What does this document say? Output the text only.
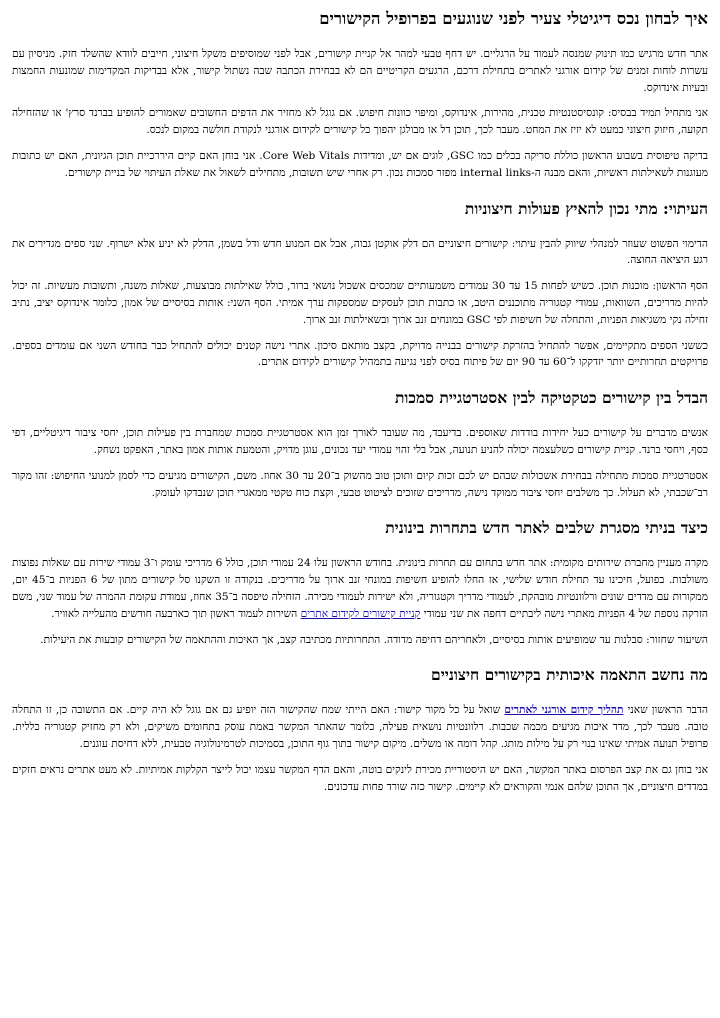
איך לבחון נכס דיגיטלי צעיר לפני שנוגעים בפרופיל הקישורים

אתר חדש מרגיש כמו תינוק שמנסה לעמוד על הרגליים. יש דחף טבעי למהר אל קניית קישורים, אבל לפני שמוסיפים משקל חיצוני, חייבים לוודא שהשלד חזק. מניסיון עם עשרות לוחות זמנים של קידום אורגני לאתרים בתחילת דרכם, הרגעים הקריטיים הם לא בבחירת הכתבה שבה נשתול קישור, אלא בבדיקות המקדימות שמונעות החמצות ובעיות אינדוקס.

אני מתחיל תמיד בבסיס: קונסיסטנטיות טכנית, מהירות, אינדוקס, ומיפוי כוונות חיפוש. אם גוגל לא מחזיר את הדפים החשובים שאמורים להופיע בברנד סרץ' או שהזחילה תקועה, חיזוק חיצוני כמעט לא יזיז את המחט. מעבר לכך, תוכן דל או מבולגן יהפוך כל קישורים לקידום אורגני לנקודת חולשה במקום לנכס.

בדיקה טיפוסית בשבוע הראשון כוללת סריקה בכלים כמו GSC, לוגים אם יש, ומדידות Core Web Vitals. אני בוחן האם קיים היררכיית תוכן הגיונית, האם יש כתובות מעוגנות לשאילתות ראשיות, והאם מבנה ה-internal links מפזר סמכות נכון. רק אחרי שיש תשובות, מתחילים לשאול את שאלת העיתוי של בניית קישורים.

העיתוי: מתי נכון להאיץ פעולות חיצוניות

הדימוי הפשוט שעוזר למנהלי שיווק להבין עיתוי: קישורים חיצוניים הם דלק אוקטן גבוה, אבל אם המנוע חדש ודל בשמן, הדלק לא יניע אלא ישרוף. שני ספים מגדירים את רגע היציאה החוצה.

הסף הראשון: מוכנות תוכן. כשיש לפחות 15 עד 30 עמודים משמעותיים שמכסים אשכול נושאי ברור, כולל שאילתות מבוצעות, שאלות משנה, ותשובות מעשיות. זה יכול להיות מדריכים, השוואות, עמודי קטגוריה מתוכננים היטב, או כתבות תוכן לעסקים שמספקות ערך אמיתי. הסף השני: אותות בסיסיים של אמון, כלומר אינדוקס יציב, נתיב זחילה נקי משגיאות הפניות, והתחלה של חשיפות לפי GSC במונחים זנב ארוך ובשאילתות זנב ארוך.

כששני הספים מתקיימים, אפשר להתחיל בהזרקת קישורים בבנייה מדויקת, בקצב מותאם סיכון. אתרי נישה קטנים יכולים להתחיל כבר בחודש השני אם עומדים בספים. פרויקטים תחרותיים יותר יזדקקו ל־60 עד 90 יום של פיתוח בסיס לפני נגיעה בתמהיל קישורים לקידום אתרים.

הבדל בין קישורים כטקטיקה לבין אסטרטגיית סמכות

אנשים מדברים על קישורים כעל יחידות בודדות שאוספים. בדיעבד, מה שעובד לאורך זמן הוא אסטרטגיית סמכות שמחברת בין פעילות תוכן, יחסי ציבור דיגיטליים, דפי כסף, ויחסי ברנד. קניית קישורים כשלעצמה יכולה להניע תנועה, אבל בלי זהוי עמודי יעד נכונים, עוגן מדויק, והטמעת אותות אמון באתר, האפקט נשחק.

אסטרטגיית סמכות מתחילה בבחירת אשכולות שבהם יש לכם זכות קיום ותוכן טוב מהשוק ב־20 עד 30 אחוז. משם, הקישורים מגיעים כדי לסמן למנועי החיפוש: זהו מקור רב־שכבתי, לא תעלול. כך משלבים יחסי ציבור ממוקד נישה, מדריכים שזוכים לציטוט טבעי, וקצת כוח טקטי ממאגרי תוכן שנבדקו לעומק.

כיצד בניתי מסגרת שלבים לאתר חדש בתחרות בינונית

מקרה מעניין מחברת שירותים מקומית: אתר חדש בתחום עם תחרות בינונית. בחודש הראשון עלו 24 עמודי תוכן, כולל 6 מדריכי עומק ו־3 עמודי שירות עם שאלות נפוצות משולבות. בפועל, חיכינו עד תחילת חודש שלישי, אז החלו להופיע חשיפות במונחי זנב ארוך על מדריכים. בנקודה זו השקנו סל קישורים מתון של 6 הפניות ב־45 יום, ממקורות עם מדדים שונים ורלוונטיות מובהקת, לעמודי מדריך וקטגוריה, ולא ישירות לעמודי מכירה. הזחילה טיפסה ב־35 אחוז, עמודת עקומת ההמרה של עמוד שני, משם הזרקה נוספת של 4 הפניות מאתרי נישה ליבתיים דחפה את שני עמודי קניית קישורים לקידום אתרים השירות לעמוד ראשון תוך כארבעה חודשים מהעלייה לאוויר.

השיעור שחזור: סבלנות עד שמופיעים אותות בסיסיים, ולאחריהם דחיפה מדודה. התחרותיות מכתיבה קצב, אך האיכות וההתאמה של הקישורים קובעות את היעילות.

מה נחשב התאמה איכותית בקישורים חיצוניים

הדבר הראשון שאני תהליך קידום אורגני לאתרים שואל על כל מקור קישור: האם הייתי שמח שהקישור הזה יופיע גם אם גוגל לא היה קיים. אם התשובה כן, זו התחלה טובה. מעבר לכך, מדד איכות מגיעים מכמה שכבות. רלוונטיות נושאית פעילה, כלומר שהאתר המקשר באמת עוסק בתחומים משיקים, ולא רק מחזיק קטגוריה כללית. פרופיל תנועה אמיתי שאינו בנוי רק על מילות מותג. קהל דומה או משלים. מיקום קישור בתוך גוף התוכן, בסמיכות לטרמינולוגיה טבעית, ללא דחיסת עוגנים.

אני בוחן גם את קצב הפרסום באתר המקשר, האם יש היסטוריית מכירת לינקים בוטה, והאם הדף המקשר עצמו יכול לייצר הקלקות אמיתיות. לא מעט אתרים נראים חזקים במדדים חיצוניים, אך התוכן שלהם אנמי והקוראים לא קיימים. קישור כזה שורד פחות עדכונים.
